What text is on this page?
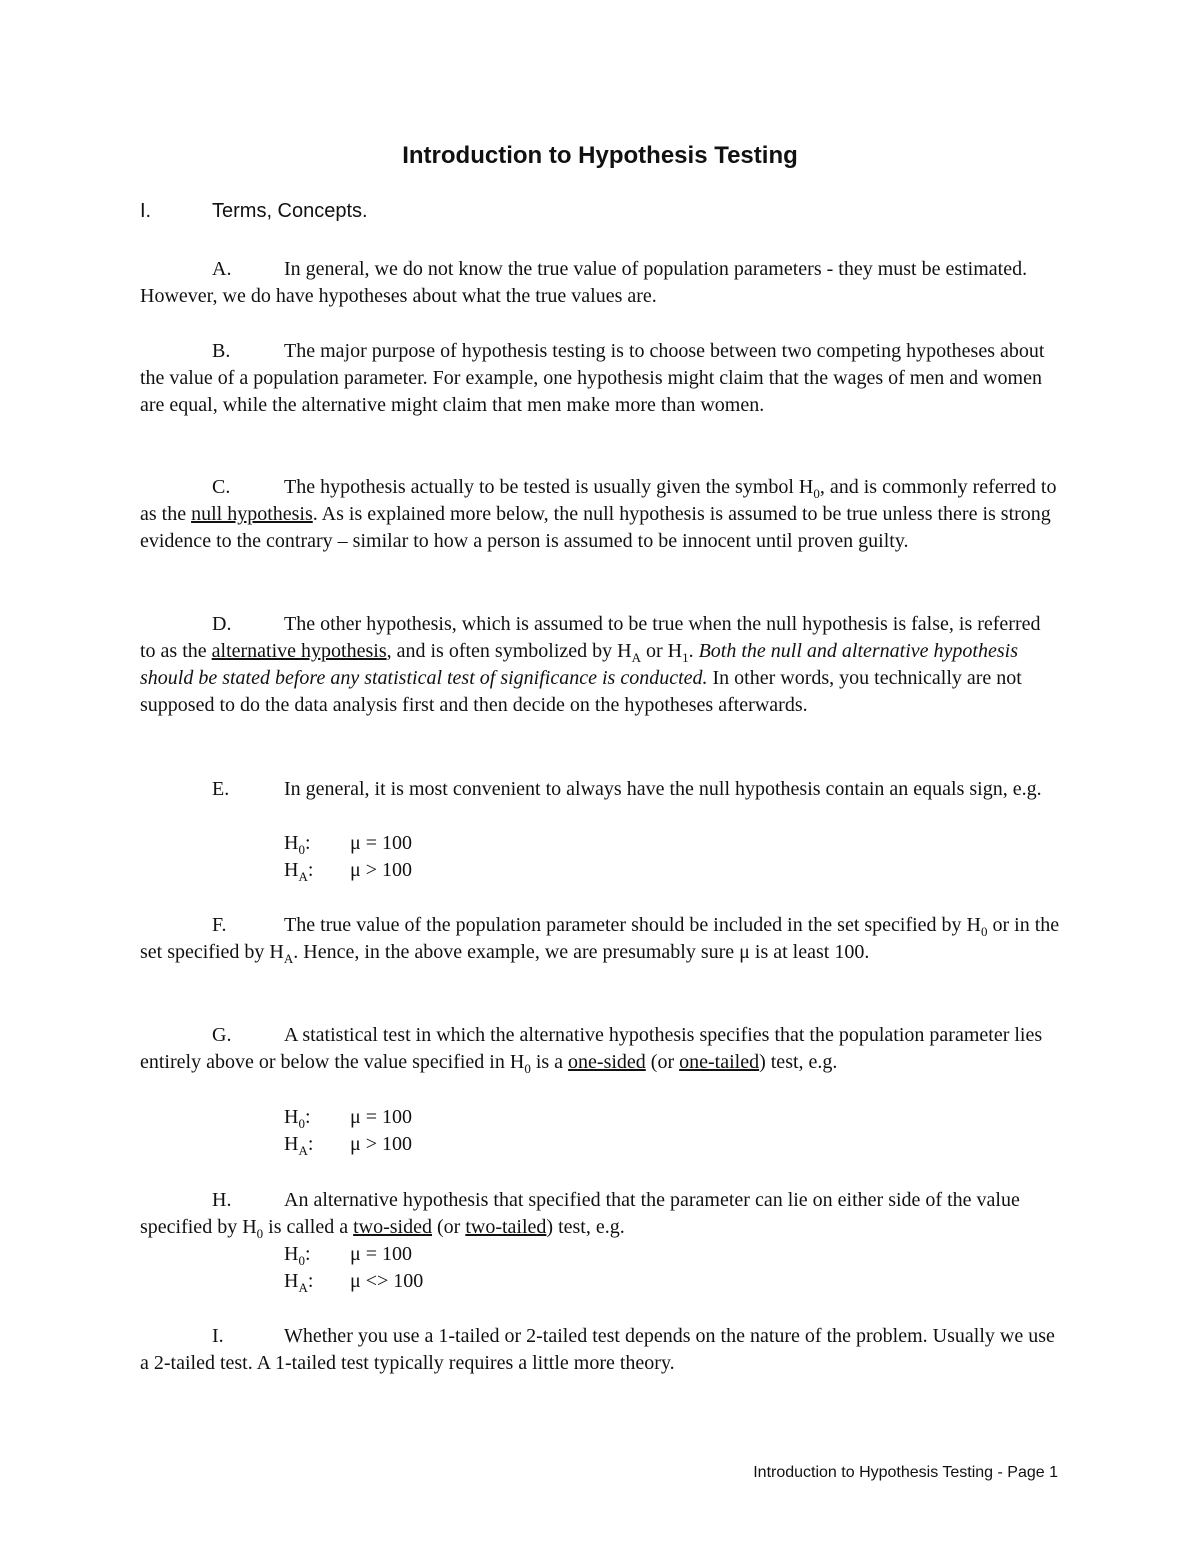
Introduction to Hypothesis Testing
I.	Terms, Concepts.
A.	In general, we do not know the true value of population parameters - they must be estimated. However, we do have hypotheses about what the true values are.
B.	The major purpose of hypothesis testing is to choose between two competing hypotheses about the value of a population parameter. For example, one hypothesis might claim that the wages of men and women are equal, while the alternative might claim that men make more than women.
C.	The hypothesis actually to be tested is usually given the symbol $H_0$, and is commonly referred to as the null hypothesis. As is explained more below, the null hypothesis is assumed to be true unless there is strong evidence to the contrary – similar to how a person is assumed to be innocent until proven guilty.
D.	The other hypothesis, which is assumed to be true when the null hypothesis is false, is referred to as the alternative hypothesis, and is often symbolized by $H_A$ or $H_1$. Both the null and alternative hypothesis should be stated before any statistical test of significance is conducted. In other words, you technically are not supposed to do the data analysis first and then decide on the hypotheses afterwards.
E.	In general, it is most convenient to always have the null hypothesis contain an equals sign, e.g.
$H_0$: μ = 100
$H_A$: μ > 100
F.	The true value of the population parameter should be included in the set specified by $H_0$ or in the set specified by $H_A$. Hence, in the above example, we are presumably sure μ is at least 100.
G.	A statistical test in which the alternative hypothesis specifies that the population parameter lies entirely above or below the value specified in $H_0$ is a one-sided (or one-tailed) test, e.g.
$H_0$: μ = 100
$H_A$: μ > 100
H.	An alternative hypothesis that specified that the parameter can lie on either side of the value specified by $H_0$ is called a two-sided (or two-tailed) test, e.g.
$H_0$: μ = 100
$H_A$: μ <> 100
I.	Whether you use a 1-tailed or 2-tailed test depends on the nature of the problem. Usually we use a 2-tailed test. A 1-tailed test typically requires a little more theory.
Introduction to Hypothesis Testing - Page 1
